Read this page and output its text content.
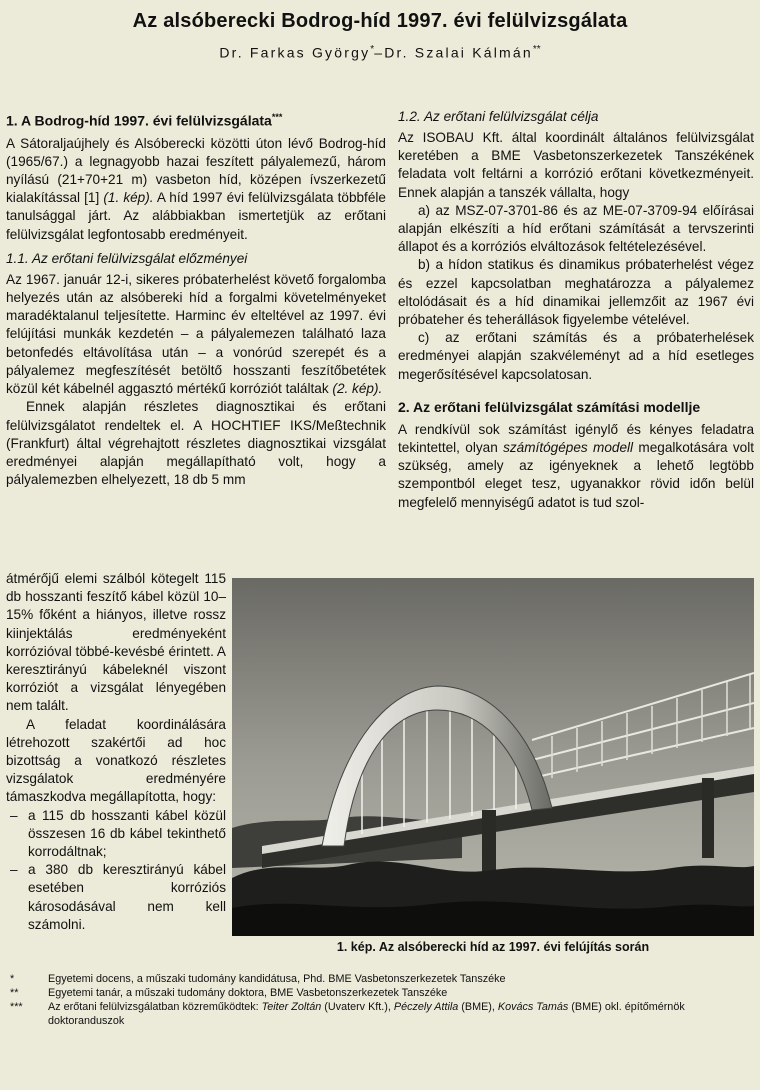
Az alsóberecki Bodrog-híd 1997. évi felülvizsgálata
Dr. Farkas György*–Dr. Szalai Kálmán**
1. A Bodrog-híd 1997. évi felülvizsgálata***

A Sátoraljaújhely és Alsóberecki közötti úton lévő Bodrog-híd (1965/67.) a legnagyobb hazai feszített pályalemezű, három nyílású (21+70+21 m) vasbeton híd, középen ívszerkezetű kialakítással [1] (1. kép). A híd 1997 évi felülvizsgálata többféle tanulsággal járt. Az alábbiakban ismertetjük az erőtani felülvizsgálat legfontosabb eredményeit.

1.1. Az erőtani felülvizsgálat előzményei

Az 1967. január 12-i, sikeres próbaterhelést követő forgalomba helyezés után az alsóbereki híd a forgalmi követelményeket maradéktalanul teljesítette. Harminc év elteltével az 1997. évi felújítási munkák kezdetén – a pályalemezen található laza betonfedés eltávolítása után – a vonórúd szerepét és a pályalemez megfeszítését betöltő hosszanti feszítőbetétek közül két kábelnél aggasztó mértékű korróziót találtak (2. kép).

Ennek alapján részletes diagnosztikai és erőtani felülvizsgálatot rendeltek el. A HOCHTIEF IKS/Meßtechnik (Frankfurt) által végrehajtott részletes diagnosztikai vizsgálat eredményei alapján megállapítható volt, hogy a pályalemezben elhelyezett, 18 db 5 mm

átmérőjű elemi szálból kötegelt 115 db hosszanti feszítő kábel közül 10–15% főként a hiányos, illetve rossz kiinjektálás eredményeként korrózióval többé-kevésbé érintett. A keresztirányú kábeleknél viszont korróziót a vizsgálat lényegében nem talált.

A feladat koordinálására létrehozott szakértői ad hoc bizottság a vonatkozó részletes vizsgálatok eredményére támaszkodva megállapította, hogy:

– a 115 db hosszanti kábel közül összesen 16 db kábel tekinthető korrodáltnak;
– a 380 db keresztirányú kábel esetében korróziós károsodásával nem kell számolni.
1.2. Az erőtani felülvizsgálat célja

Az ISOBAU Kft. által koordinált általános felülvizsgálat keretében a BME Vasbetonszerkezetek Tanszékének feladata volt feltárni a korrózió erőtani következményeit. Ennek alapján a tanszék vállalta, hogy

a) az MSZ-07-3701-86 és az ME-07-3709-94 előírásai alapján elkészíti a híd erőtani számítását a tervszerinti állapot és a korróziós elváltozások feltételezésével.

b) a hídon statikus és dinamikus próbaterhelést végez és ezzel kapcsolatban meghatározza a pályalemez eltolódásait és a híd dinamikai jellemzőit az 1967 évi próbateher és teherállások figyelembe vételével.

c) az erőtani számítás és a próbaterhelések eredményei alapján szakvéleményt ad a híd esetleges megerősítésével kapcsolatosan.

2. Az erőtani felülvizsgálat számítási modellje

A rendkívül sok számítást igénylő és kényes feladatra tekintettel, olyan számítógépes modell megalkotására volt szükség, amely az igényeknek a lehető legtöbb szempontból eleget tesz, ugyanakkor rövid időn belül megfelelő mennyiségű adatot is tud szol-

1. kép. Az alsóberecki híd az 1997. évi felújítás során
*	Egyetemi docens, a műszaki tudomány kandidátusa, Phd. BME Vasbetonszerkezetek Tanszéke
**	Egyetemi tanár, a műszaki tudomány doktora, BME Vasbetonszerkezetek Tanszéke
***	Az erőtani felülvizsgálatban közreműködtek: Teiter Zoltán (Uvaterv Kft.), Péczely Attila (BME), Kovács Tamás (BME) okl. építőmérnök doktoranduszok
